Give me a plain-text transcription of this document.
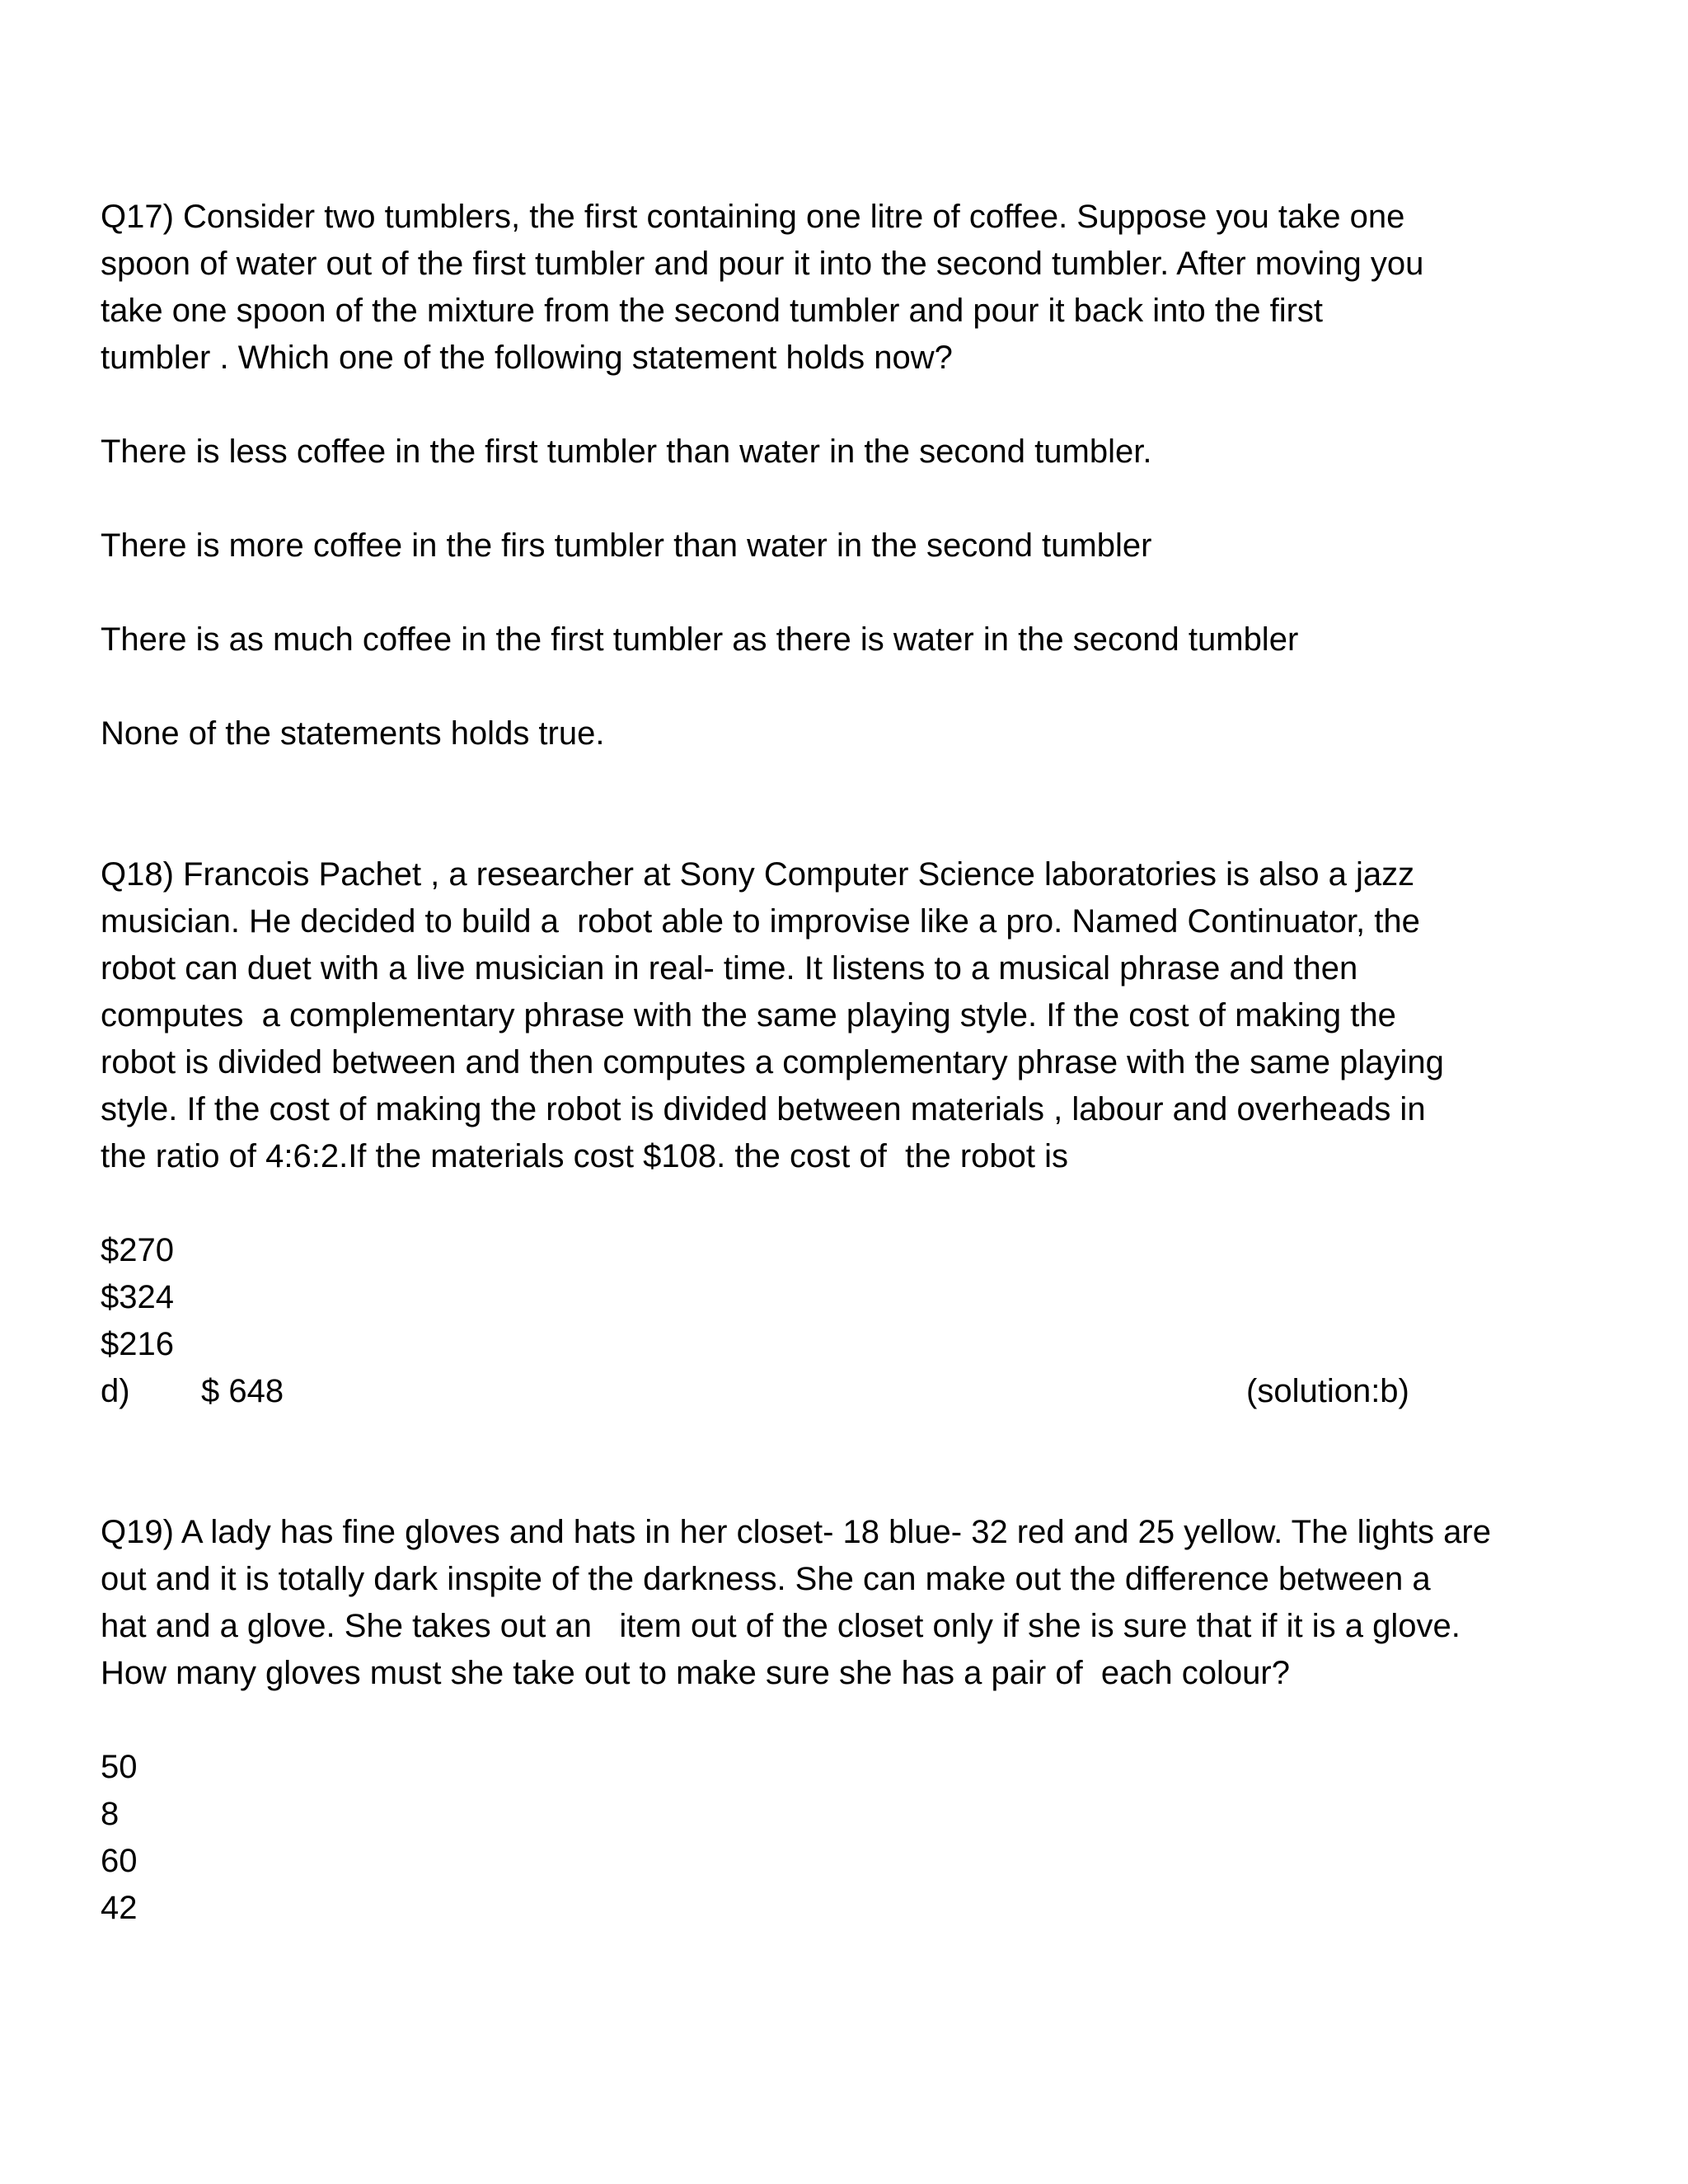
Q17) Consider two tumblers, the first containing one litre of coffee. Suppose you take one
spoon of water out of the first tumbler and pour it into the second tumbler. After moving you
take one spoon of the mixture from the second tumbler and pour it back into the first
tumbler . Which one of the following statement holds now?
There is less coffee in the first tumbler than water in the second tumbler.
There is more coffee in the firs tumbler than water in the second tumbler
There is as much coffee in the first tumbler as there is water in the second tumbler
None of the statements holds true.
Q18) Francois Pachet , a researcher at Sony Computer Science laboratories is also a jazz
musician. He decided to build a  robot able to improvise like a pro. Named Continuator, the
robot can duet with a live musician in real- time. It listens to a musical phrase and then
computes  a complementary phrase with the same playing style. If the cost of making the
robot is divided between and then computes a complementary phrase with the same playing
style. If the cost of making the robot is divided between materials , labour and overheads in
the ratio of 4:6:2.If the materials cost $108. the cost of  the robot is
$270
$324
$216
d)	$ 648	(solution:b)
Q19) A lady has fine gloves and hats in her closet- 18 blue- 32 red and 25 yellow. The lights are
out and it is totally dark inspite of the darkness. She can make out the difference between a
hat and a glove. She takes out an   item out of the closet only if she is sure that if it is a glove.
How many gloves must she take out to make sure she has a pair of  each colour?
50
8
60
42
